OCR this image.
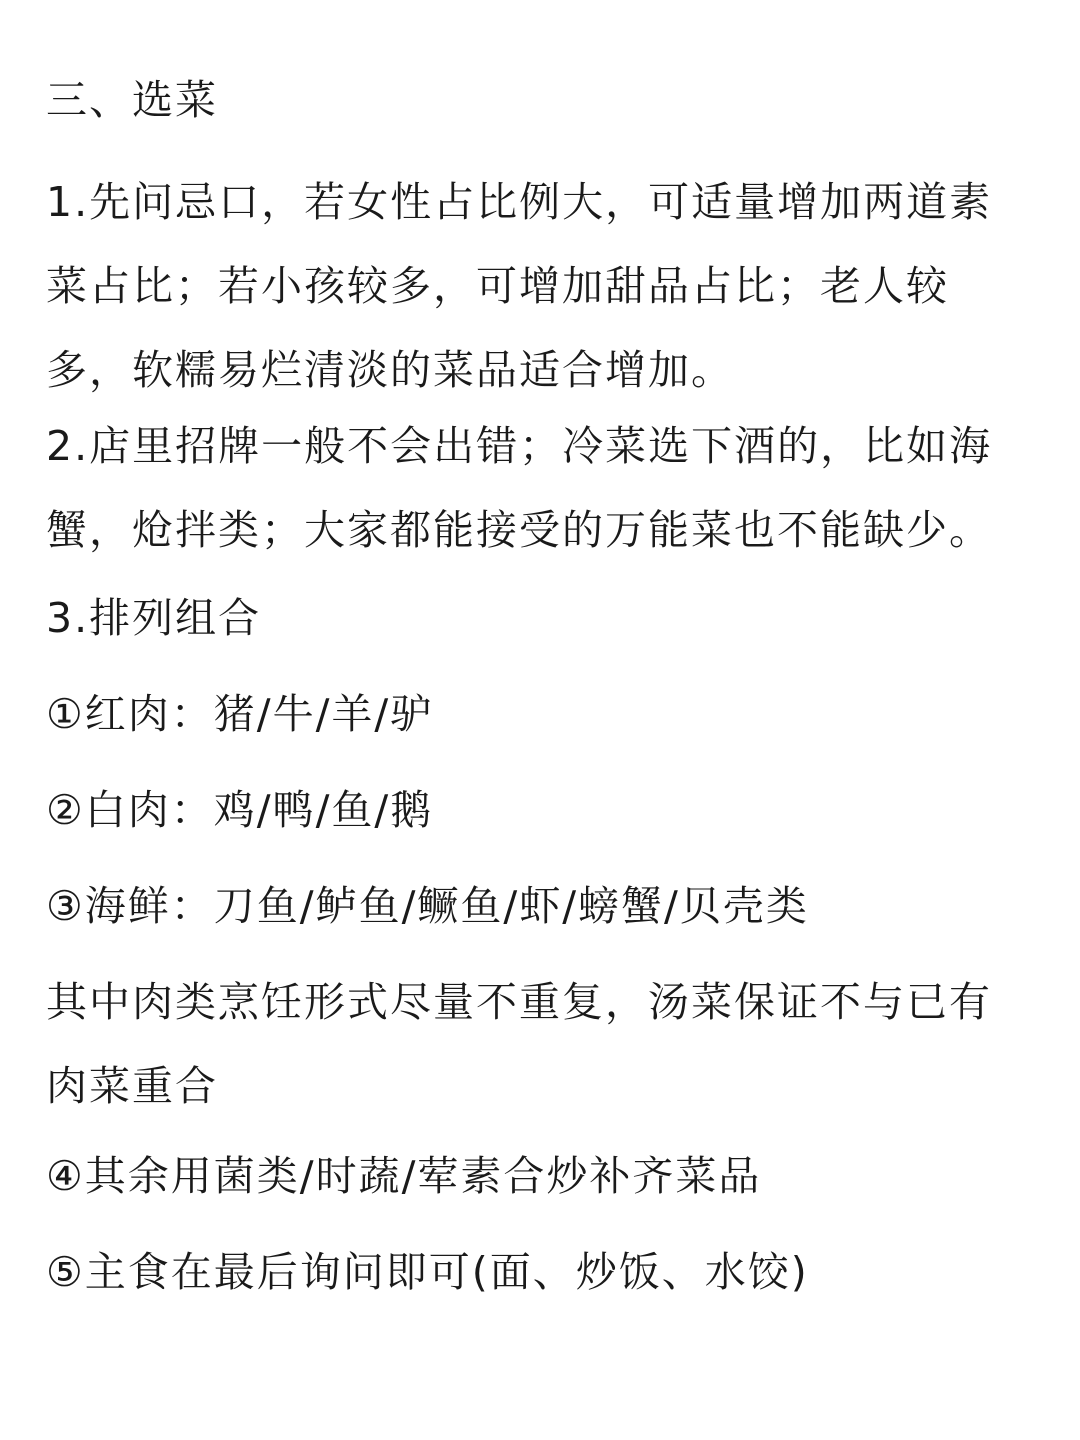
三、选菜
1.先问忌口，若女性占比例大，可适量增加两道素
菜占比；若小孩较多，可增加甜品占比；老人较
多，软糯易烂清淡的菜品适合增加。
2.店里招牌一般不会出错；冷菜选下酒的，比如海
蟹，炝拌类；大家都能接受的万能菜也不能缺少。
3.排列组合
①红肉：猪/牛/羊/驴
②白肉：鸡/鸭/鱼/鹅
③海鲜：刀鱼/鲈鱼/鳜鱼/虾/螃蟹/贝壳类
其中肉类烹饪形式尽量不重复，汤菜保证不与已有
肉菜重合
④其余用菌类/时蔬/荤素合炒补齐菜品
⑤主食在最后询问即可(面、炒饭、水饺)
